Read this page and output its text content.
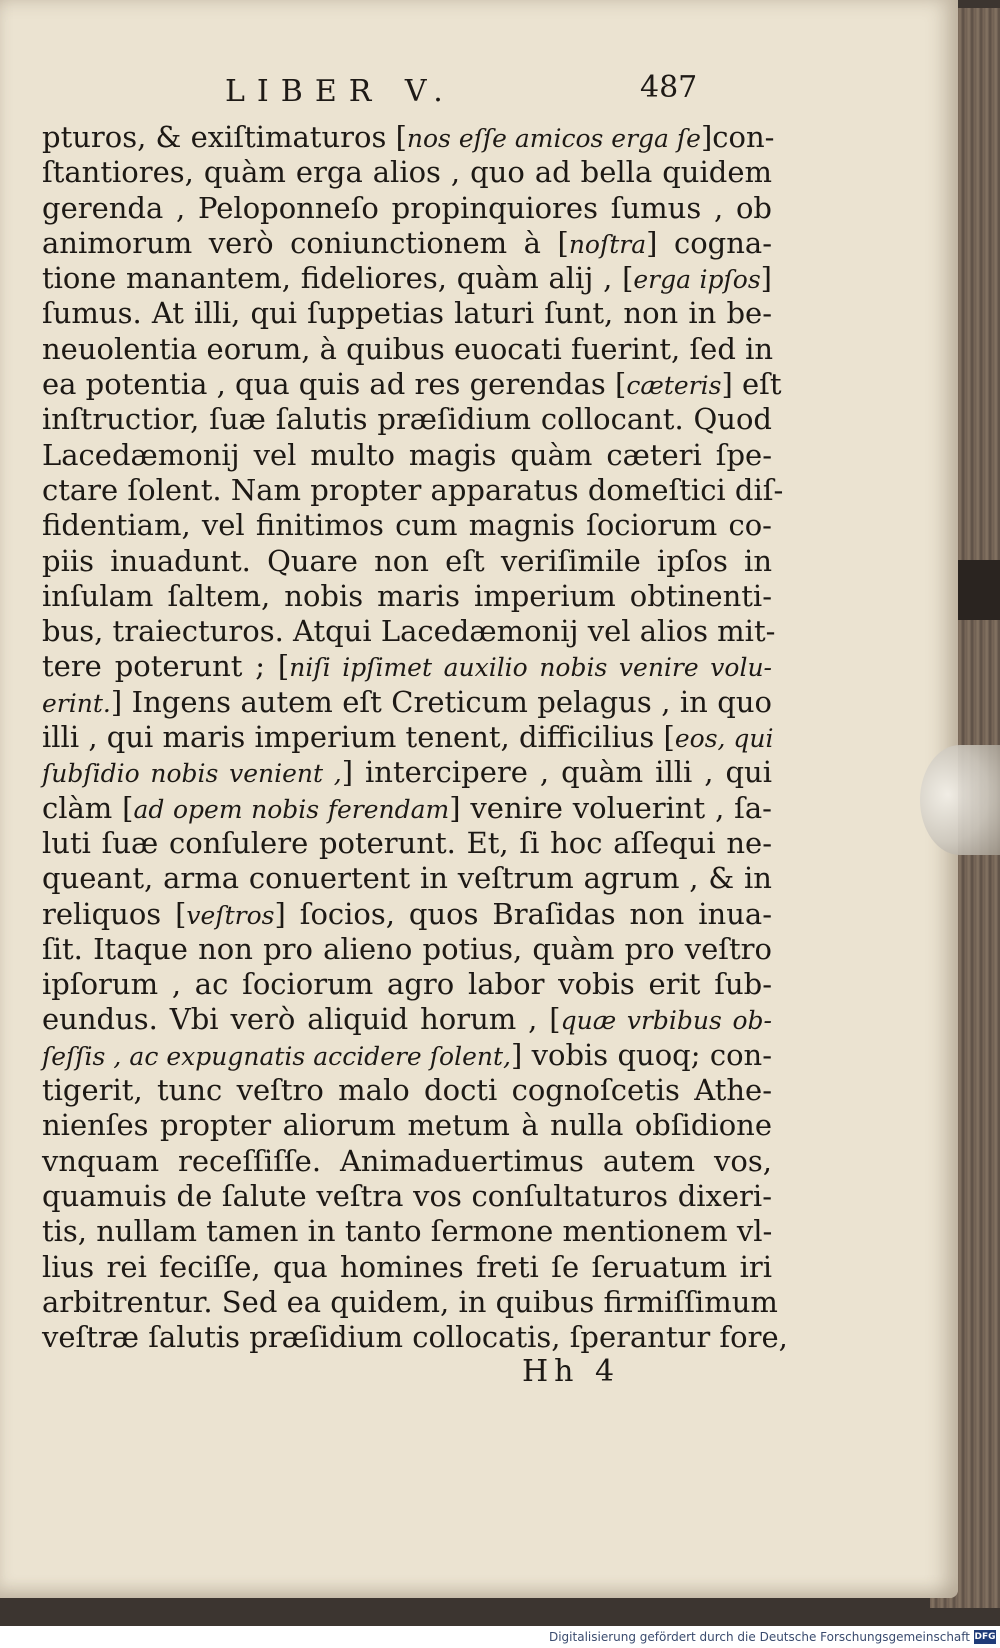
LIBER V.	487
pturos, & exiſtimaturos [nos eſſe amicos erga ſe]con-
ſtantiores, quàm erga alios , quo ad bella quidem
gerenda , Peloponneſo propinquiores ſumus , ob
animorum verò coniunctionem à [noſtra] cogna-
tione manantem, fideliores, quàm alij , [erga ipſos]
ſumus. At illi, qui ſuppetias laturi ſunt, non in be-
neuolentia eorum, à quibus euocati fuerint, ſed in
ea potentia , qua quis ad res gerendas [cæteris] eſt
inſtructior, ſuæ ſalutis præſidium collocant. Quod
Lacedæmonij vel multo magis quàm cæteri ſpe-
ctare ſolent. Nam propter apparatus domeſtici diſ-
fidentiam, vel finitimos cum magnis ſociorum co-
piis inuadunt. Quare non eſt veriſimile ipſos in
inſulam ſaltem, nobis maris imperium obtinenti-
bus, traiecturos. Atqui Lacedæmonij vel alios mit-
tere poterunt ; [niſi ipſimet auxilio nobis venire volu-
erint.] Ingens autem eſt Creticum pelagus , in quo
illi , qui maris imperium tenent, difficilius [eos, qui
ſubſidio nobis venient ,] intercipere , quàm illi , qui
clàm [ad opem nobis ferendam] venire voluerint , ſa-
luti ſuæ conſulere poterunt. Et, ſi hoc aſſequi ne-
queant, arma conuertent in veſtrum agrum , & in
reliquos [veſtros] ſocios, quos Braſidas non inua-
ſit. Itaque non pro alieno potius, quàm pro veſtro
ipſorum , ac ſociorum agro labor vobis erit ſub-
eundus. Vbi verò aliquid horum , [quæ vrbibus ob-
ſeſſis , ac expugnatis accidere ſolent,] vobis quoq; con-
tigerit, tunc veſtro malo docti cognoſcetis Athe-
nienſes propter aliorum metum à nulla obſidione
vnquam receſſiſſe. Animaduertimus autem vos,
quamuis de ſalute veſtra vos conſultaturos dixeri-
tis, nullam tamen in tanto ſermone mentionem vl-
lius rei feciſſe, qua homines freti ſe ſeruatum iri
arbitrentur. Sed ea quidem, in quibus firmiſſimum
veſtræ ſalutis præſidium collocatis, ſperantur fore,
Hh 4
Digitalisierung gefördert durch die Deutsche Forschungsgemeinschaft DFG
